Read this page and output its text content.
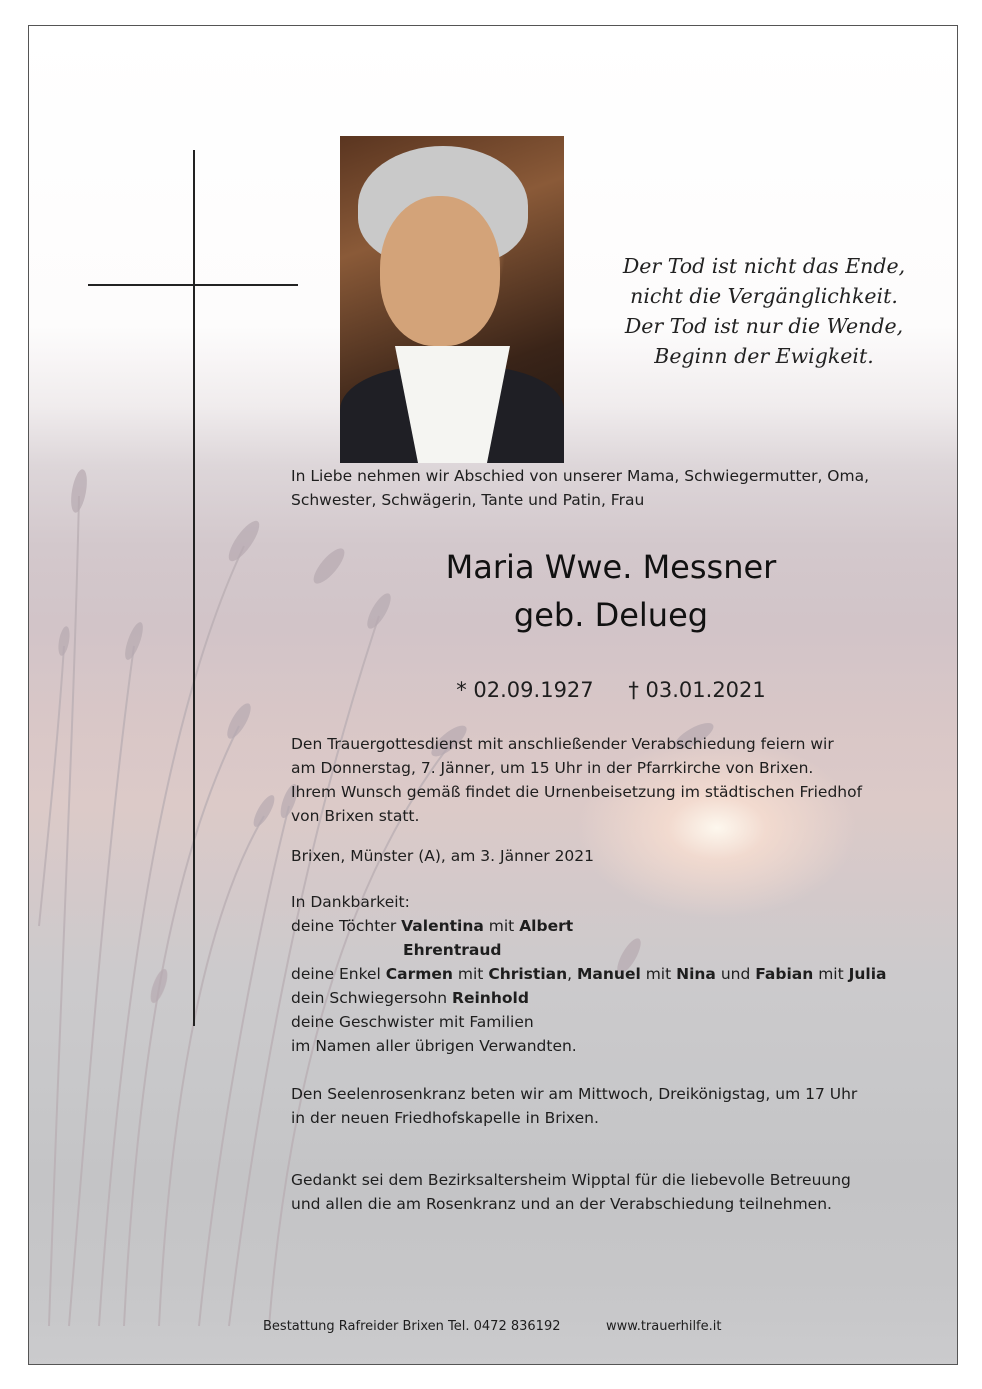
Der Tod ist nicht das Ende,
nicht die Vergänglichkeit.
Der Tod ist nur die Wende,
Beginn der Ewigkeit.
In Liebe nehmen wir Abschied von unserer Mama, Schwiegermutter, Oma,
Schwester, Schwägerin, Tante und Patin, Frau
Maria Wwe. Messner
geb. Delueg
* 02.09.1927 † 03.01.2021
Den Trauergottesdienst mit anschließender Verabschiedung feiern wir
am Donnerstag, 7. Jänner, um 15 Uhr in der Pfarrkirche von Brixen.
Ihrem Wunsch gemäß findet die Urnenbeisetzung im städtischen Friedhof
von Brixen statt.
Brixen, Münster (A), am 3. Jänner 2021
In Dankbarkeit:
deine Töchter Valentina mit Albert
Ehrentraud
deine Enkel Carmen mit Christian, Manuel mit Nina und Fabian mit Julia
dein Schwiegersohn Reinhold
deine Geschwister mit Familien
im Namen aller übrigen Verwandten.
Den Seelenrosenkranz beten wir am Mittwoch, Dreikönigstag, um 17 Uhr
in der neuen Friedhofskapelle in Brixen.
Gedankt sei dem Bezirksaltersheim Wipptal für die liebevolle Betreuung
und allen die am Rosenkranz und an der Verabschiedung teilnehmen.
Bestattung Rafreider Brixen Tel. 0472 836192	www.trauerhilfe.it
